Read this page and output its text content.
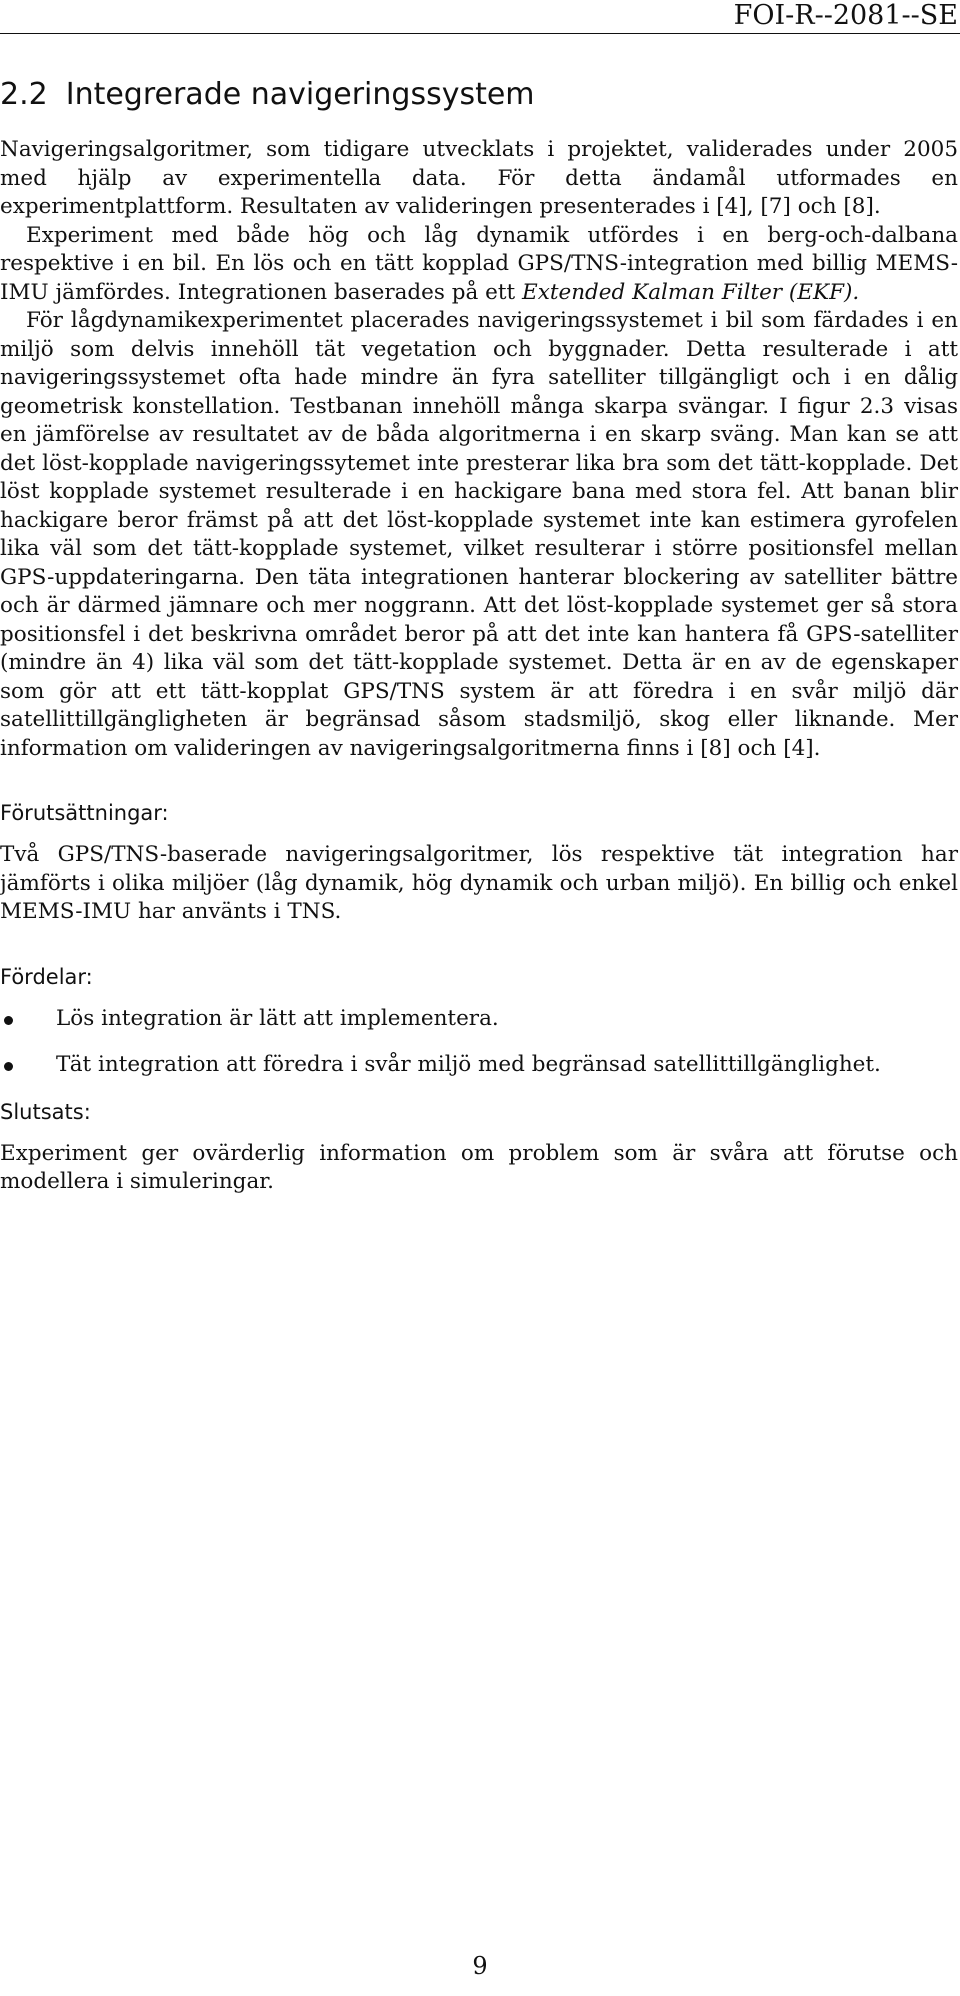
FOI-R--2081--SE
2.2 Integrerade navigeringssystem

Navigeringsalgoritmer, som tidigare utvecklats i projektet, validerades under 2005 med hjälp av experimentella data. För detta ändamål utformades en experimentplattform. Resultaten av valideringen presenterades i [4], [7] och [8].

Experiment med både hög och låg dynamik utfördes i en berg-och-dalbana respektive i en bil. En lös och en tätt kopplad GPS/TNS-integration med billig MEMS-IMU jämfördes. Integrationen baserades på ett Extended Kalman Filter (EKF).

För lågdynamikexperimentet placerades navigeringssystemet i bil som färdades i en miljö som delvis innehöll tät vegetation och byggnader. Detta resulterade i att navigeringssystemet ofta hade mindre än fyra satelliter tillgängligt och i en dålig geometrisk konstellation. Testbanan innehöll många skarpa svängar. I figur 2.3 visas en jämförelse av resultatet av de båda algoritmerna i en skarp sväng. Man kan se att det löst-kopplade navigeringssytemet inte presterar lika bra som det tätt-kopplade. Det löst kopplade systemet resulterade i en hackigare bana med stora fel. Att banan blir hackigare beror främst på att det löst-kopplade systemet inte kan estimera gyrofelen lika väl som det tätt-kopplade systemet, vilket resulterar i större positionsfel mellan GPS-uppdateringarna. Den täta integrationen hanterar blockering av satelliter bättre och är därmed jämnare och mer noggrann. Att det löst-kopplade systemet ger så stora positionsfel i det beskrivna området beror på att det inte kan hantera få GPS-satelliter (mindre än 4) lika väl som det tätt-kopplade systemet. Detta är en av de egenskaper som gör att ett tätt-kopplat GPS/TNS system är att föredra i en svår miljö där satellittillgängligheten är begränsad såsom stadsmiljö, skog eller liknande. Mer information om valideringen av navigeringsalgoritmerna finns i [8] och [4].

Förutsättningar:

Två GPS/TNS-baserade navigeringsalgoritmer, lös respektive tät integration har jämförts i olika miljöer (låg dynamik, hög dynamik och urban miljö). En billig och enkel MEMS-IMU har använts i TNS.

Fördelar:
Lös integration är lätt att implementera.
Tät integration att föredra i svår miljö med begränsad satellittillgänglighet.
Slutsats:

Experiment ger ovärderlig information om problem som är svåra att förutse och modellera i simuleringar.

9
